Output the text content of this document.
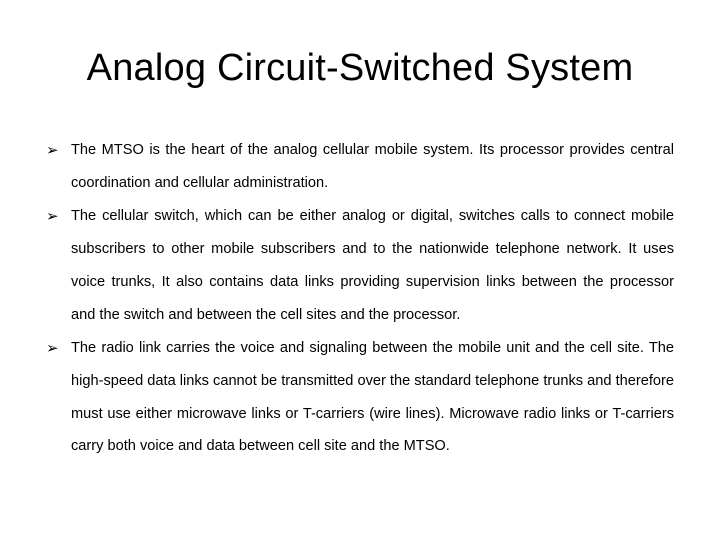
Analog Circuit-Switched System
➢ The MTSO is the heart of the analog cellular mobile system. Its processor provides central coordination and cellular administration.
➢ The cellular switch, which can be either analog or digital, switches calls to connect mobile subscribers to other mobile subscribers and to the nationwide telephone network. It uses voice trunks, It also contains data links providing supervision links between the processor and the switch and between the cell sites and the processor.
➢ The radio link carries the voice and signaling between the mobile unit and the cell site. The high-speed data links cannot be transmitted over the standard telephone trunks and therefore must use either microwave links or T-carriers (wire lines). Microwave radio links or T-carriers carry both voice and data between cell site and the MTSO.
